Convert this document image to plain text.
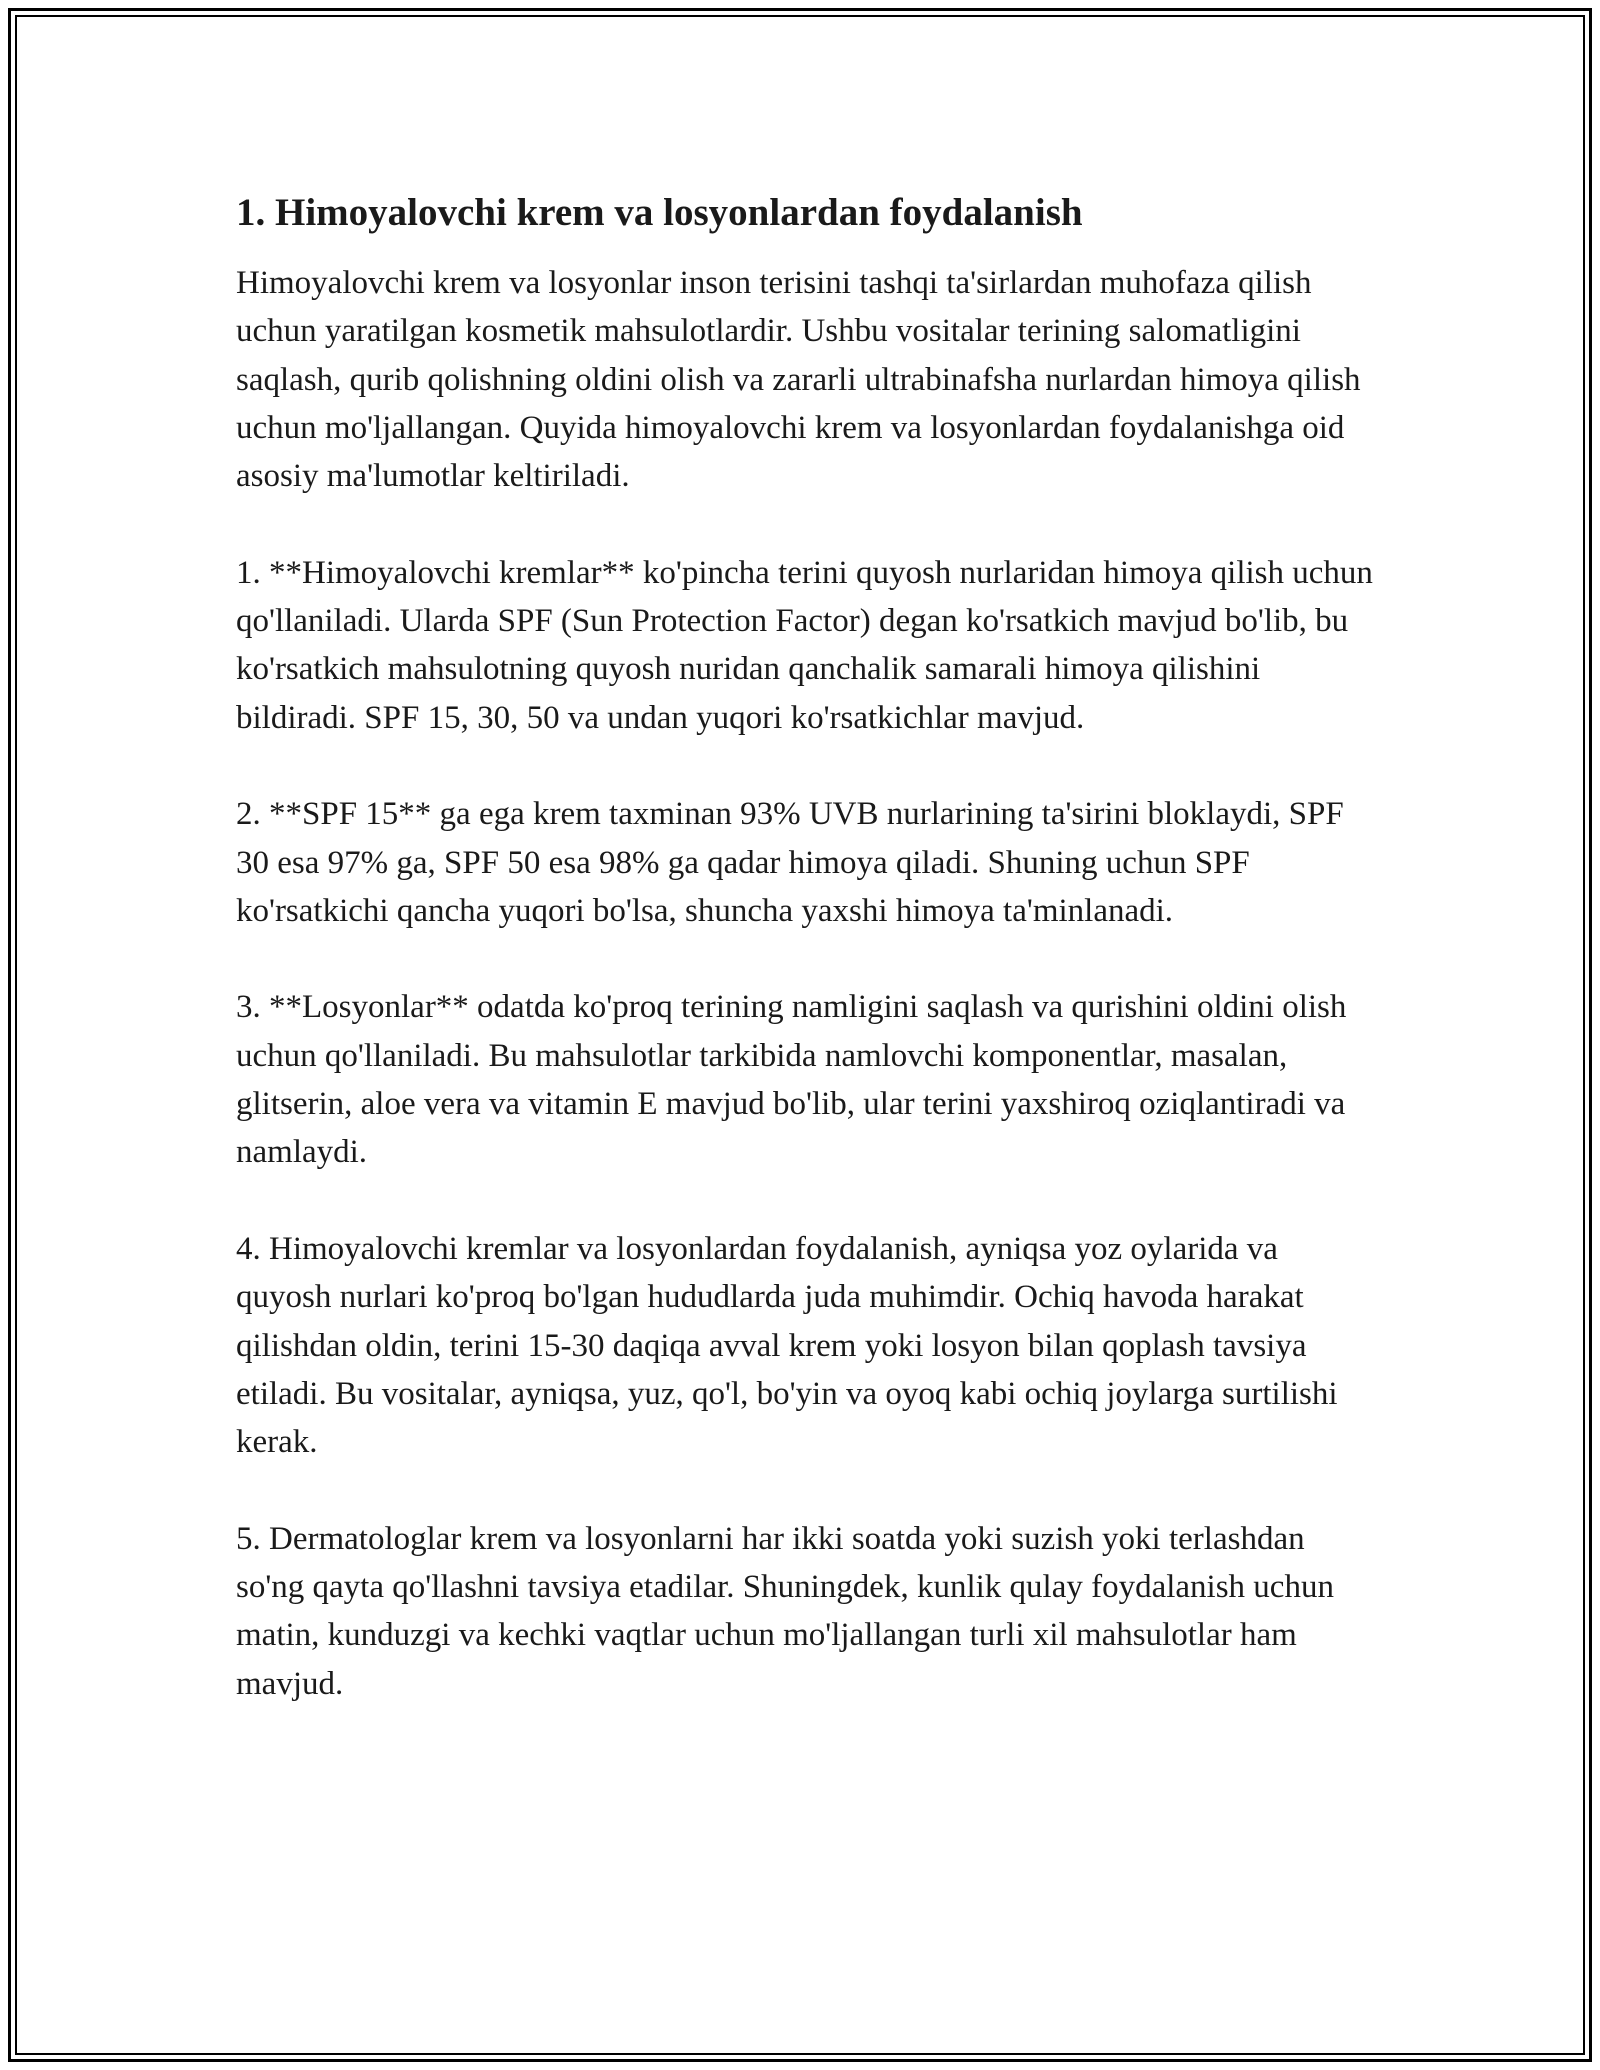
1. Himoyalovchi krem va losyonlardan foydalanish

Himoyalovchi krem va losyonlar inson terisini tashqi ta'sirlardan muhofaza qilish uchun yaratilgan kosmetik mahsulotlardir. Ushbu vositalar terining salomatligini saqlash, qurib qolishning oldini olish va zararli ultrabinafsha nurlardan himoya qilish uchun mo'ljallangan. Quyida himoyalovchi krem va losyonlardan foydalanishga oid asosiy ma'lumotlar keltiriladi.

1. **Himoyalovchi kremlar** ko'pincha terini quyosh nurlaridan himoya qilish uchun qo'llaniladi. Ularda SPF (Sun Protection Factor) degan ko'rsatkich mavjud bo'lib, bu ko'rsatkich mahsulotning quyosh nuridan qanchalik samarali himoya qilishini bildiradi. SPF 15, 30, 50 va undan yuqori ko'rsatkichlar mavjud.

2. **SPF 15** ga ega krem taxminan 93% UVB nurlarining ta'sirini bloklaydi, SPF 30 esa 97% ga, SPF 50 esa 98% ga qadar himoya qiladi. Shuning uchun SPF ko'rsatkichi qancha yuqori bo'lsa, shuncha yaxshi himoya ta'minlanadi.

3. **Losyonlar** odatda ko'proq terining namligini saqlash va qurishini oldini olish uchun qo'llaniladi. Bu mahsulotlar tarkibida namlovchi komponentlar, masalan, glitserin, aloe vera va vitamin E mavjud bo'lib, ular terini yaxshiroq oziqlantiradi va namlaydi.

4. Himoyalovchi kremlar va losyonlardan foydalanish, ayniqsa yoz oylarida va quyosh nurlari ko'proq bo'lgan hududlarda juda muhimdir. Ochiq havoda harakat qilishdan oldin, terini 15-30 daqiqa avval krem yoki losyon bilan qoplash tavsiya etiladi. Bu vositalar, ayniqsa, yuz, qo'l, bo'yin va oyoq kabi ochiq joylarga surtilishi kerak.

5. Dermatologlar krem va losyonlarni har ikki soatda yoki suzish yoki terlashdan so'ng qayta qo'llashni tavsiya etadilar. Shuningdek, kunlik qulay foydalanish uchun matin, kunduzgi va kechki vaqtlar uchun mo'ljallangan turli xil mahsulotlar ham mavjud.
